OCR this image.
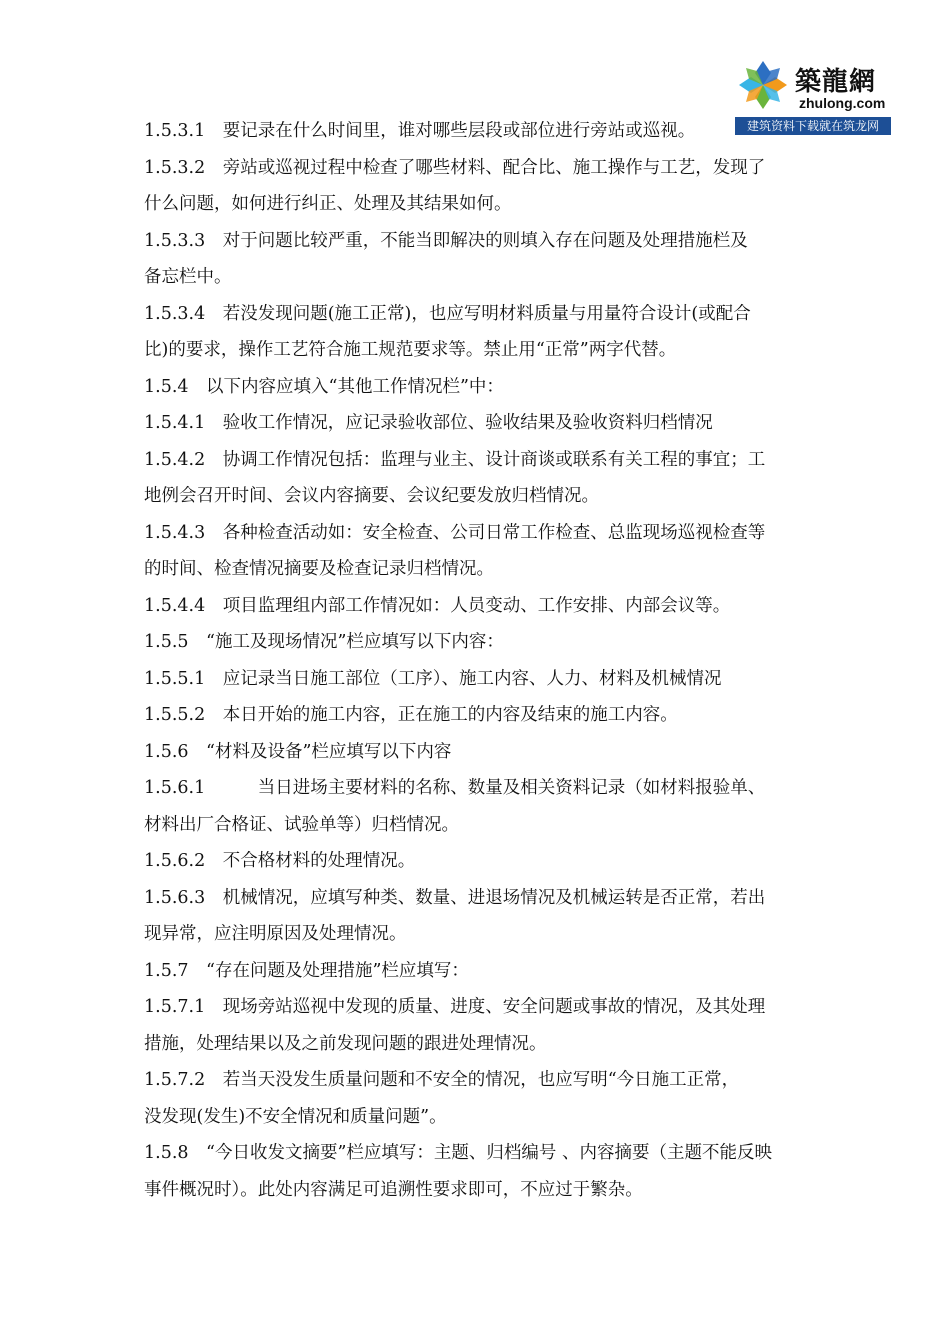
築龍網
zhulong.com
建筑资料下载就在筑龙网
1.5.3.1　要记录在什么时间里，谁对哪些层段或部位进行旁站或巡视。
1.5.3.2　旁站或巡视过程中检查了哪些材料、配合比、施工操作与工艺，发现了
什么问题，如何进行纠正、处理及其结果如何。
1.5.3.3　对于问题比较严重，不能当即解决的则填入存在问题及处理措施栏及
备忘栏中。
1.5.3.4　若没发现问题(施工正常)，也应写明材料质量与用量符合设计(或配合
比)的要求，操作工艺符合施工规范要求等。禁止用“正常”两字代替。
1.5.4　以下内容应填入“其他工作情况栏”中：
1.5.4.1　验收工作情况，应记录验收部位、验收结果及验收资料归档情况
1.5.4.2　协调工作情况包括：监理与业主、设计商谈或联系有关工程的事宜；工
地例会召开时间、会议内容摘要、会议纪要发放归档情况。
1.5.4.3　各种检查活动如：安全检查、公司日常工作检查、总监现场巡视检查等
的时间、检查情况摘要及检查记录归档情况。
1.5.4.4　项目监理组内部工作情况如：人员变动、工作安排、内部会议等。
1.5.5　“施工及现场情况”栏应填写以下内容：
1.5.5.1　应记录当日施工部位（工序）、施工内容、人力、材料及机械情况
1.5.5.2　本日开始的施工内容，正在施工的内容及结束的施工内容。
1.5.6　“材料及设备”栏应填写以下内容
1.5.6.1　　　当日进场主要材料的名称、数量及相关资料记录（如材料报验单、
材料出厂合格证、试验单等）归档情况。
1.5.6.2　不合格材料的处理情况。
1.5.6.3　机械情况，应填写种类、数量、进退场情况及机械运转是否正常，若出
现异常，应注明原因及处理情况。
1.5.7　“存在问题及处理措施”栏应填写：
1.5.7.1　现场旁站巡视中发现的质量、进度、安全问题或事故的情况，及其处理
措施，处理结果以及之前发现问题的跟进处理情况。
1.5.7.2　若当天没发生质量问题和不安全的情况，也应写明“今日施工正常，
没发现(发生)不安全情况和质量问题”。
1.5.8　“今日收发文摘要”栏应填写：主题、归档编号 、内容摘要（主题不能反映
事件概况时）。此处内容满足可追溯性要求即可，不应过于繁杂。
